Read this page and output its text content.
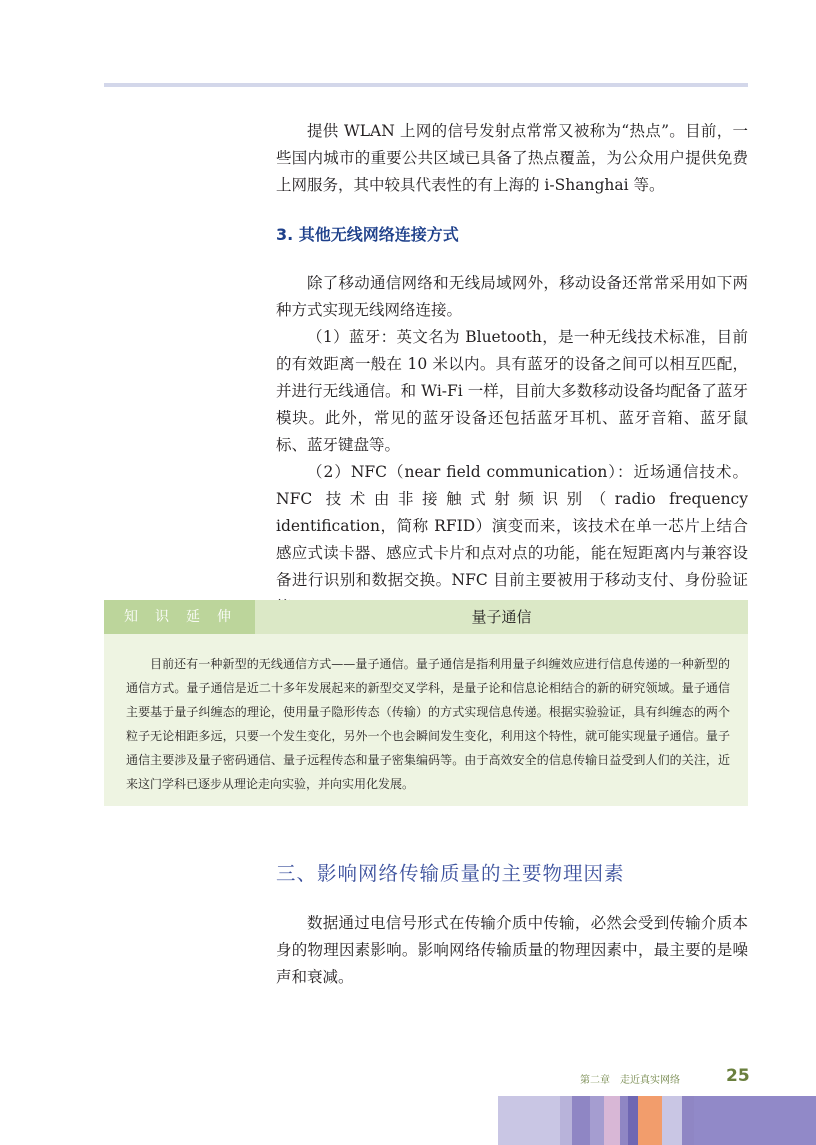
提供 WLAN 上网的信号发射点常常又被称为“热点”。目前，一些国内城市的重要公共区域已具备了热点覆盖，为公众用户提供免费上网服务，其中较具代表性的有上海的 i-Shanghai 等。

3. 其他无线网络连接方式

除了移动通信网络和无线局域网外，移动设备还常常采用如下两种方式实现无线网络连接。

（1）蓝牙：英文名为 Bluetooth，是一种无线技术标准，目前的有效距离一般在 10 米以内。具有蓝牙的设备之间可以相互匹配，并进行无线通信。和 Wi-Fi 一样，目前大多数移动设备均配备了蓝牙模块。此外，常见的蓝牙设备还包括蓝牙耳机、蓝牙音箱、蓝牙鼠标、蓝牙键盘等。

（2）NFC（near field communication）：近场通信技术。NFC 技术由非接触式射频识别（radio frequency identification，简称 RFID）演变而来，该技术在单一芯片上结合感应式读卡器、感应式卡片和点对点的功能，能在短距离内与兼容设备进行识别和数据交换。NFC 目前主要被用于移动支付、身份验证

知识延伸	量子通信

目前还有一种新型的无线通信方式——量子通信。量子通信是指利用量子纠缠效应进行信息传递的一种新型的通信方式。量子通信是近二十多年发展起来的新型交叉学科，是量子论和信息论相结合的新的研究领域。量子通信主要基于量子纠缠态的理论，使用量子隐形传态（传输）的方式实现信息传递。根据实验验证，具有纠缠态的两个粒子无论相距多远，只要一个发生变化，另外一个也会瞬间发生变化，利用这个特性，就可能实现量子通信。量子通信主要涉及量子密码通信、量子远程传态和量子密集编码等。由于高效安全的信息传输日益受到人们的关注，近来这门学科已逐步从理论走向实验，并向实用化发展。

三、影响网络传输质量的主要物理因素

数据通过电信号形式在传输介质中传输，必然会受到传输介质本身的物理因素影响。影响网络传输质量的物理因素中，最主要的是噪声和衰减。

第二章　走近真实网络	25
